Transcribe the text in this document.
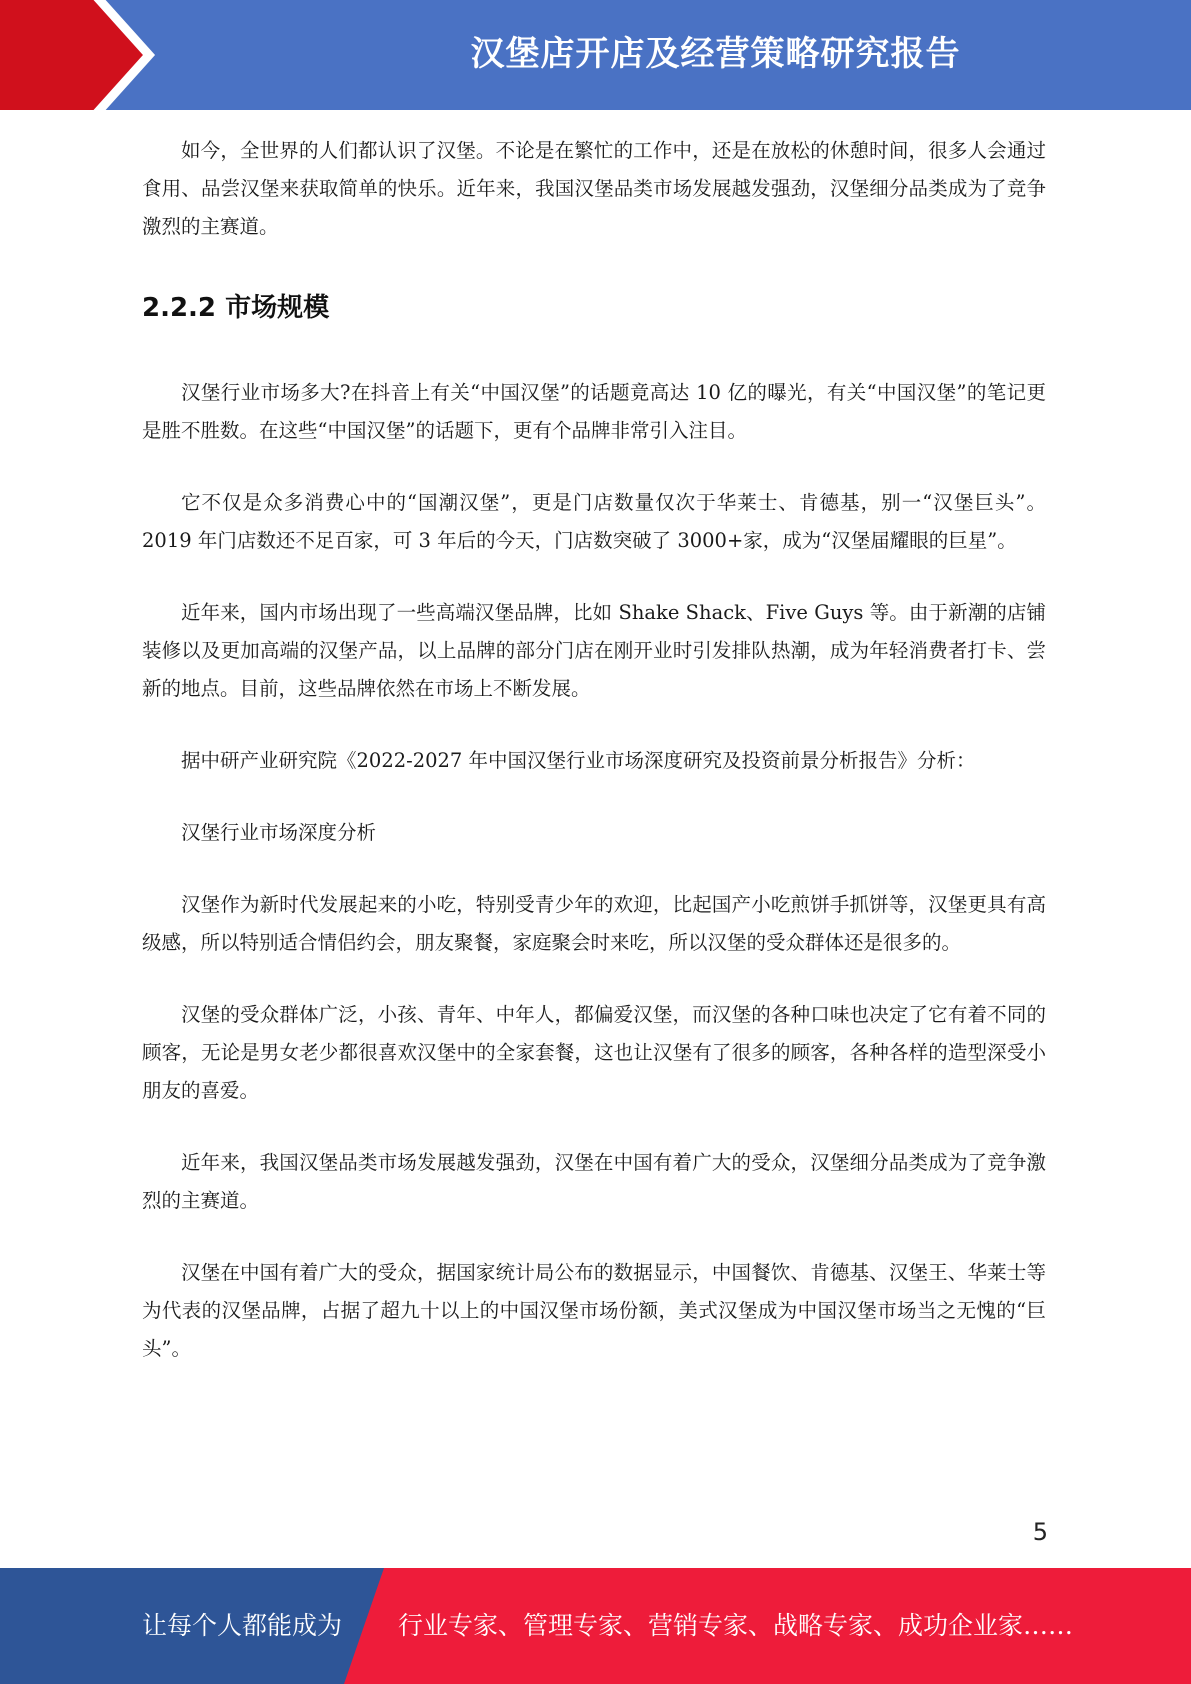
汉堡店开店及经营策略研究报告

如今，全世界的人们都认识了汉堡。不论是在繁忙的工作中，还是在放松的休憩时间，很多人会通过食用、品尝汉堡来获取简单的快乐。近年来，我国汉堡品类市场发展越发强劲，汉堡细分品类成为了竞争激烈的主赛道。

2.2.2 市场规模

汉堡行业市场多大?在抖音上有关“中国汉堡”的话题竟高达 10 亿的曝光，有关“中国汉堡”的笔记更是胜不胜数。在这些“中国汉堡”的话题下，更有个品牌非常引入注目。

它不仅是众多消费心中的“国潮汉堡”，更是门店数量仅次于华莱士、肯德基，别一“汉堡巨头”。2019 年门店数还不足百家，可 3 年后的今天，门店数突破了 3000+家，成为“汉堡届耀眼的巨星”。

近年来，国内市场出现了一些高端汉堡品牌，比如 Shake Shack、Five Guys 等。由于新潮的店铺装修以及更加高端的汉堡产品，以上品牌的部分门店在刚开业时引发排队热潮，成为年轻消费者打卡、尝新的地点。目前，这些品牌依然在市场上不断发展。

据中研产业研究院《2022-2027 年中国汉堡行业市场深度研究及投资前景分析报告》分析：

汉堡行业市场深度分析

汉堡作为新时代发展起来的小吃，特别受青少年的欢迎，比起国产小吃煎饼手抓饼等，汉堡更具有高级感，所以特别适合情侣约会，朋友聚餐，家庭聚会时来吃，所以汉堡的受众群体还是很多的。

汉堡的受众群体广泛，小孩、青年、中年人，都偏爱汉堡，而汉堡的各种口味也决定了它有着不同的顾客，无论是男女老少都很喜欢汉堡中的全家套餐，这也让汉堡有了很多的顾客，各种各样的造型深受小朋友的喜爱。

近年来，我国汉堡品类市场发展越发强劲，汉堡在中国有着广大的受众，汉堡细分品类成为了竞争激烈的主赛道。

汉堡在中国有着广大的受众，据国家统计局公布的数据显示，中国餐饮、肯德基、汉堡王、华莱士等为代表的汉堡品牌，占据了超九十以上的中国汉堡市场份额，美式汉堡成为中国汉堡市场当之无愧的“巨头”。

5
让每个人都能成为 行业专家、管理专家、营销专家、战略专家、成功企业家……
